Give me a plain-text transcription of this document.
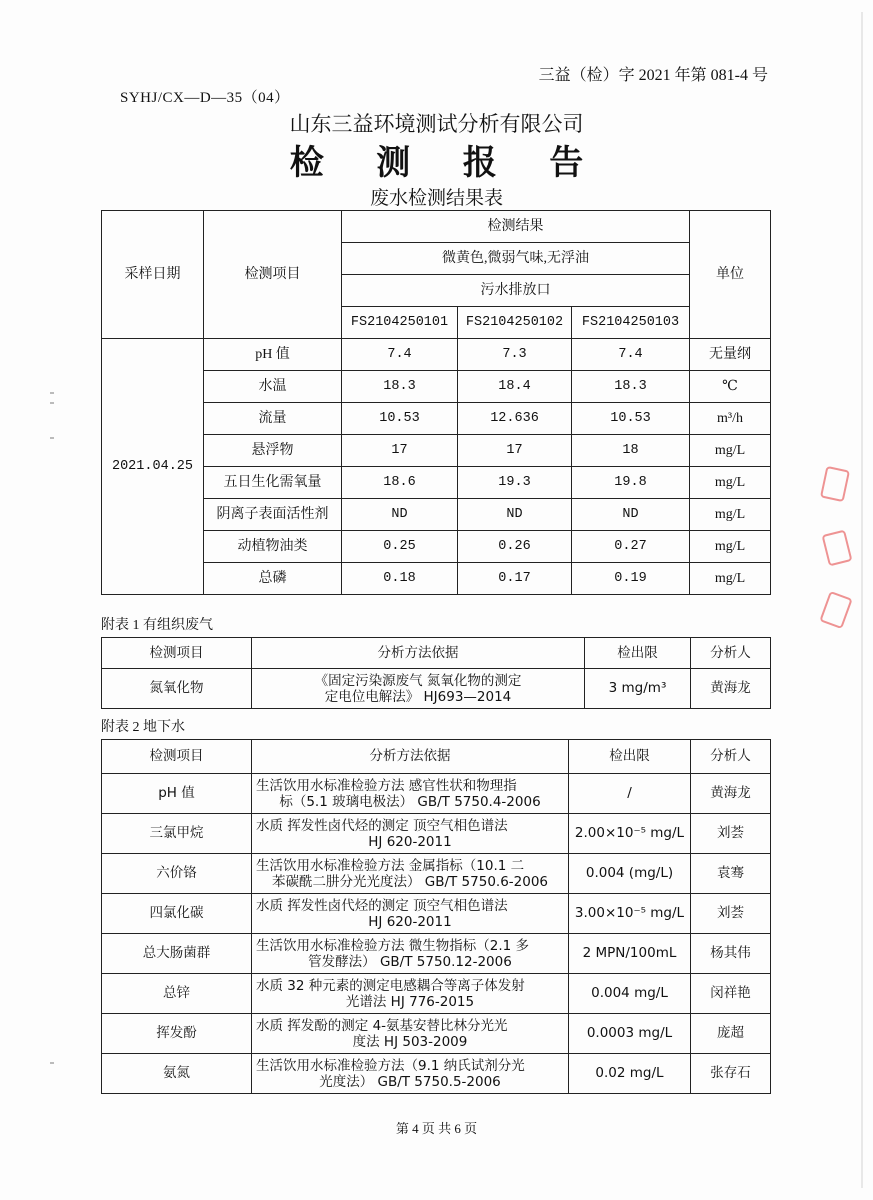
三益（检）字 2021 年第 081-4 号
SYHJ/CX—D—35（04）
山东三益环境测试分析有限公司
检 测 报 告
废水检测结果表
采样日期	检测项目	检测结果			单位
		微黄色,微弱气味,无浮油			
		污水排放口			
		FS2104250101	FS2104250102	FS2104250103	
2021.04.25	pH 值	7.4	7.3	7.4	无量纲
	水温	18.3	18.4	18.3	℃
	流量	10.53	12.636	10.53	m³/h
	悬浮物	17	17	18	mg/L
	五日生化需氧量	18.6	19.3	19.8	mg/L
	阴离子表面活性剂	ND	ND	ND	mg/L
	动植物油类	0.25	0.26	0.27	mg/L
	总磷	0.18	0.17	0.19	mg/L
附表 1 有组织废气
检测项目	分析方法依据	检出限	分析人
氮氧化物	《固定污染源废气 氮氧化物的测定
定电位电解法》 HJ693—2014	3 mg/m³	黄海龙
附表 2 地下水
检测项目	分析方法依据	检出限	分析人
pH 值	生活饮用水标准检验方法 感官性状和物理指
标（5.1 玻璃电极法） GB/T 5750.4-2006	/	黄海龙
三氯甲烷	水质 挥发性卤代烃的测定 顶空气相色谱法
HJ 620-2011	2.00×10⁻⁵ mg/L	刘荟
六价铬	生活饮用水标准检验方法 金属指标（10.1 二
苯碳酰二肼分光光度法） GB/T 5750.6-2006	0.004 (mg/L)	袁骞
四氯化碳	水质 挥发性卤代烃的测定 顶空气相色谱法
HJ 620-2011	3.00×10⁻⁵ mg/L	刘荟
总大肠菌群	生活饮用水标准检验方法 微生物指标（2.1 多
管发酵法） GB/T 5750.12-2006	2 MPN/100mL	杨其伟
总锌	水质 32 种元素的测定电感耦合等离子体发射
光谱法 HJ 776-2015	0.004 mg/L	闵祥艳
挥发酚	水质 挥发酚的测定 4-氨基安替比林分光光
度法 HJ 503-2009	0.0003 mg/L	庞超
氨氮	生活饮用水标准检验方法（9.1 纳氏试剂分光
光度法） GB/T 5750.5-2006	0.02 mg/L	张存石
第 4 页 共 6 页
